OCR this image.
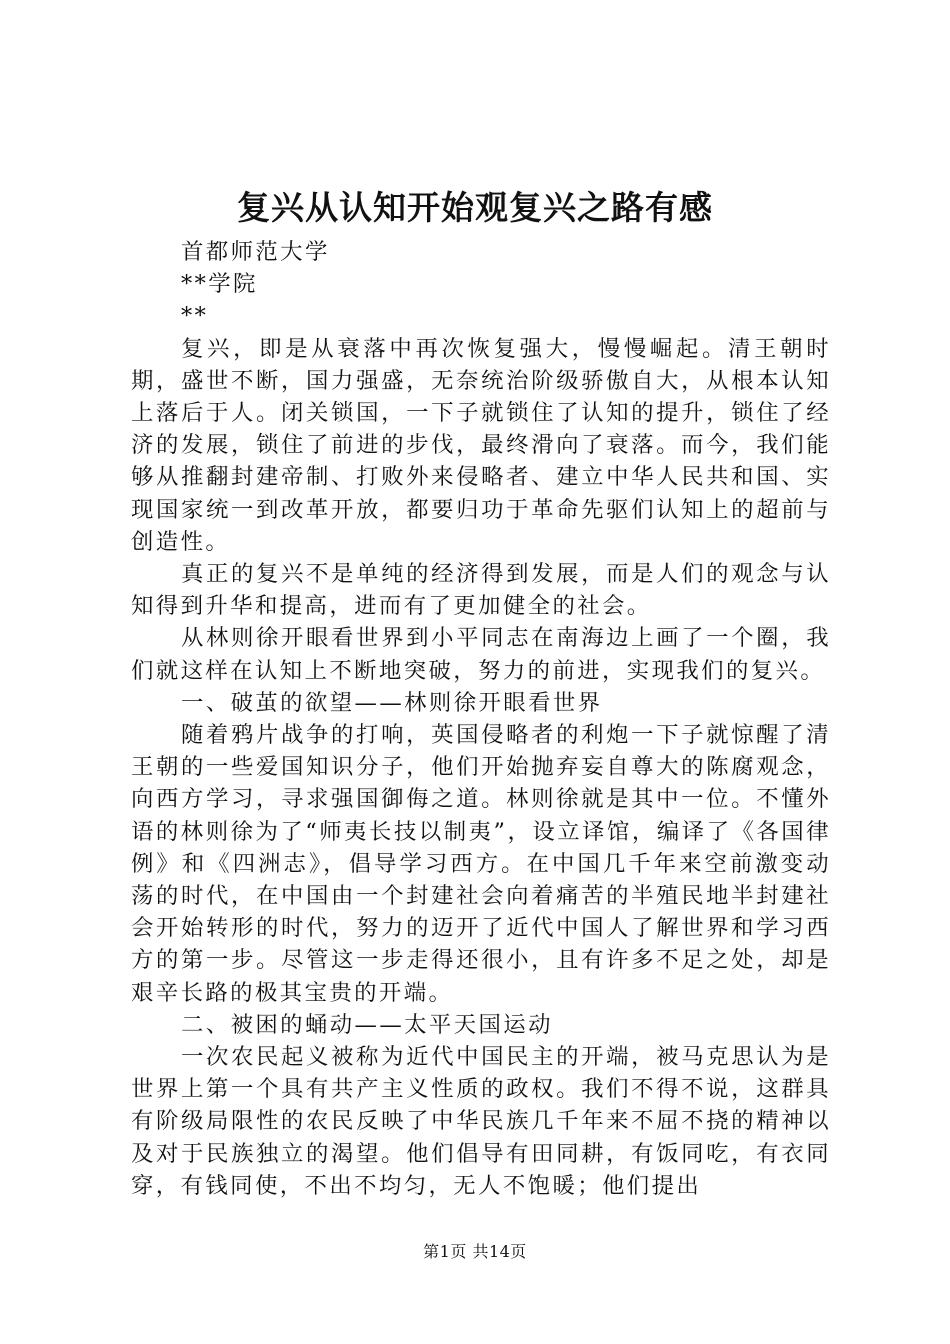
复兴从认知开始观复兴之路有感

首都师范大学

**学院

**

复兴，即是从衰落中再次恢复强大，慢慢崛起。清王朝时期，盛世不断，国力强盛，无奈统治阶级骄傲自大，从根本认知上落后于人。闭关锁国，一下子就锁住了认知的提升，锁住了经济的发展，锁住了前进的步伐，最终滑向了衰落。而今，我们能够从推翻封建帝制、打败外来侵略者、建立中华人民共和国、实现国家统一到改革开放，都要归功于革命先驱们认知上的超前与创造性。

真正的复兴不是单纯的经济得到发展，而是人们的观念与认知得到升华和提高，进而有了更加健全的社会。

从林则徐开眼看世界到小平同志在南海边上画了一个圈，我们就这样在认知上不断地突破，努力的前进，实现我们的复兴。

一、破茧的欲望——林则徐开眼看世界

随着鸦片战争的打响，英国侵略者的利炮一下子就惊醒了清王朝的一些爱国知识分子，他们开始抛弃妄自尊大的陈腐观念，向西方学习，寻求强国御侮之道。林则徐就是其中一位。不懂外语的林则徐为了“师夷长技以制夷”，设立译馆，编译了《各国律例》和《四洲志》，倡导学习西方。在中国几千年来空前激变动荡的时代，在中国由一个封建社会向着痛苦的半殖民地半封建社会开始转形的时代，努力的迈开了近代中国人了解世界和学习西方的第一步。尽管这一步走得还很小，且有许多不足之处，却是艰辛长路的极其宝贵的开端。

二、被困的蛹动——太平天国运动

一次农民起义被称为近代中国民主的开端，被马克思认为是世界上第一个具有共产主义性质的政权。我们不得不说，这群具有阶级局限性的农民反映了中华民族几千年来不屈不挠的精神以及对于民族独立的渴望。他们倡导有田同耕，有饭同吃，有衣同穿，有钱同使，不出不均匀，无人不饱暖；他们提出

第1页 共14页
